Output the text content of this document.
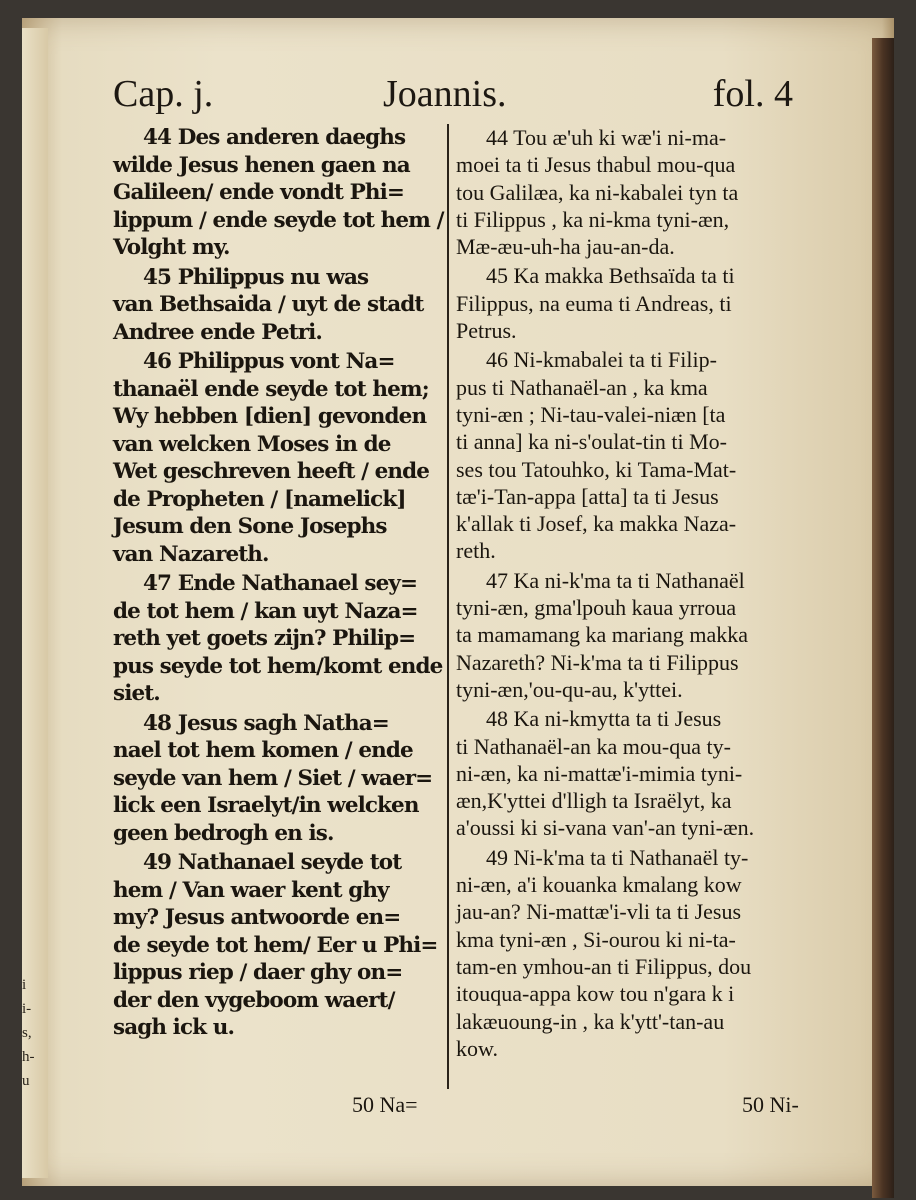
i
i-
s,
h-
u
Cap. j.	Joannis.	fol. 4
44 Des anderen daeghs
wilde Jesus henen gaen na
Galileen/ ende vondt Phi=
lippum / ende seyde tot hem /
Volght my.
45 Philippus nu was
van Bethsaida / uyt de stadt
Andree ende Petri.
46 Philippus vont Na=
thanaël ende seyde tot hem;
Wy hebben [dien] gevonden
van welcken Moses in de
Wet geschreven heeft / ende
de Propheten / [namelick]
Jesum den Sone Josephs
van Nazareth.
47 Ende Nathanael sey=
de tot hem / kan uyt Naza=
reth yet goets zijn? Philip=
pus seyde tot hem/komt ende
siet.
48 Jesus sagh Natha=
nael tot hem komen / ende
seyde van hem / Siet / waer=
lick een Israelyt/in welcken
geen bedrogh en is.
49 Nathanael seyde tot
hem / Van waer kent ghy
my? Jesus antwoorde en=
de seyde tot hem/ Eer u Phi=
lippus riep / daer ghy on=
der den vygeboom waert/
sagh ick u.
44 Tou æ'uh ki wæ'i ni-ma-
moei ta ti Jesus thabul mou-qua
tou Galilæa, ka ni-kabalei tyn ta
ti Filippus , ka ni-kma tyni-æn,
Mæ-æu-uh-ha jau-an-da.
45 Ka makka Bethsaïda ta ti
Filippus, na euma ti Andreas, ti
Petrus.
46 Ni-kmabalei ta ti Filip-
pus ti Nathanaël-an , ka kma
tyni-æn ; Ni-tau-valei-niæn [ta
ti anna] ka ni-s'oulat-tin ti Mo-
ses tou Tatouhko, ki Tama-Mat-
tæ'i-Tan-appa [atta] ta ti Jesus
k'allak ti Josef, ka makka Naza-
reth.
47 Ka ni-k'ma ta ti Nathanaël
tyni-æn, gma'lpouh kaua yrroua
ta mamamang ka mariang makka
Nazareth? Ni-k'ma ta ti Filippus
tyni-æn,'ou-qu-au, k'yttei.
48 Ka ni-kmytta ta ti Jesus
ti Nathanaël-an ka mou-qua ty-
ni-æn, ka ni-mattæ'i-mimia tyni-
æn,K'yttei d'lligh ta Israëlyt, ka
a'oussi ki si-vana van'-an tyni-æn.
49 Ni-k'ma ta ti Nathanaël ty-
ni-æn, a'i kouanka kmalang kow
jau-an? Ni-mattæ'i-vli ta ti Jesus
kma tyni-æn , Si-ourou ki ni-ta-
tam-en ymhou-an ti Filippus, dou
itouqua-appa kow tou n'gara k i
lakæuoung-in , ka k'ytt'-tan-au
kow.
50 Na=	50 Ni-
